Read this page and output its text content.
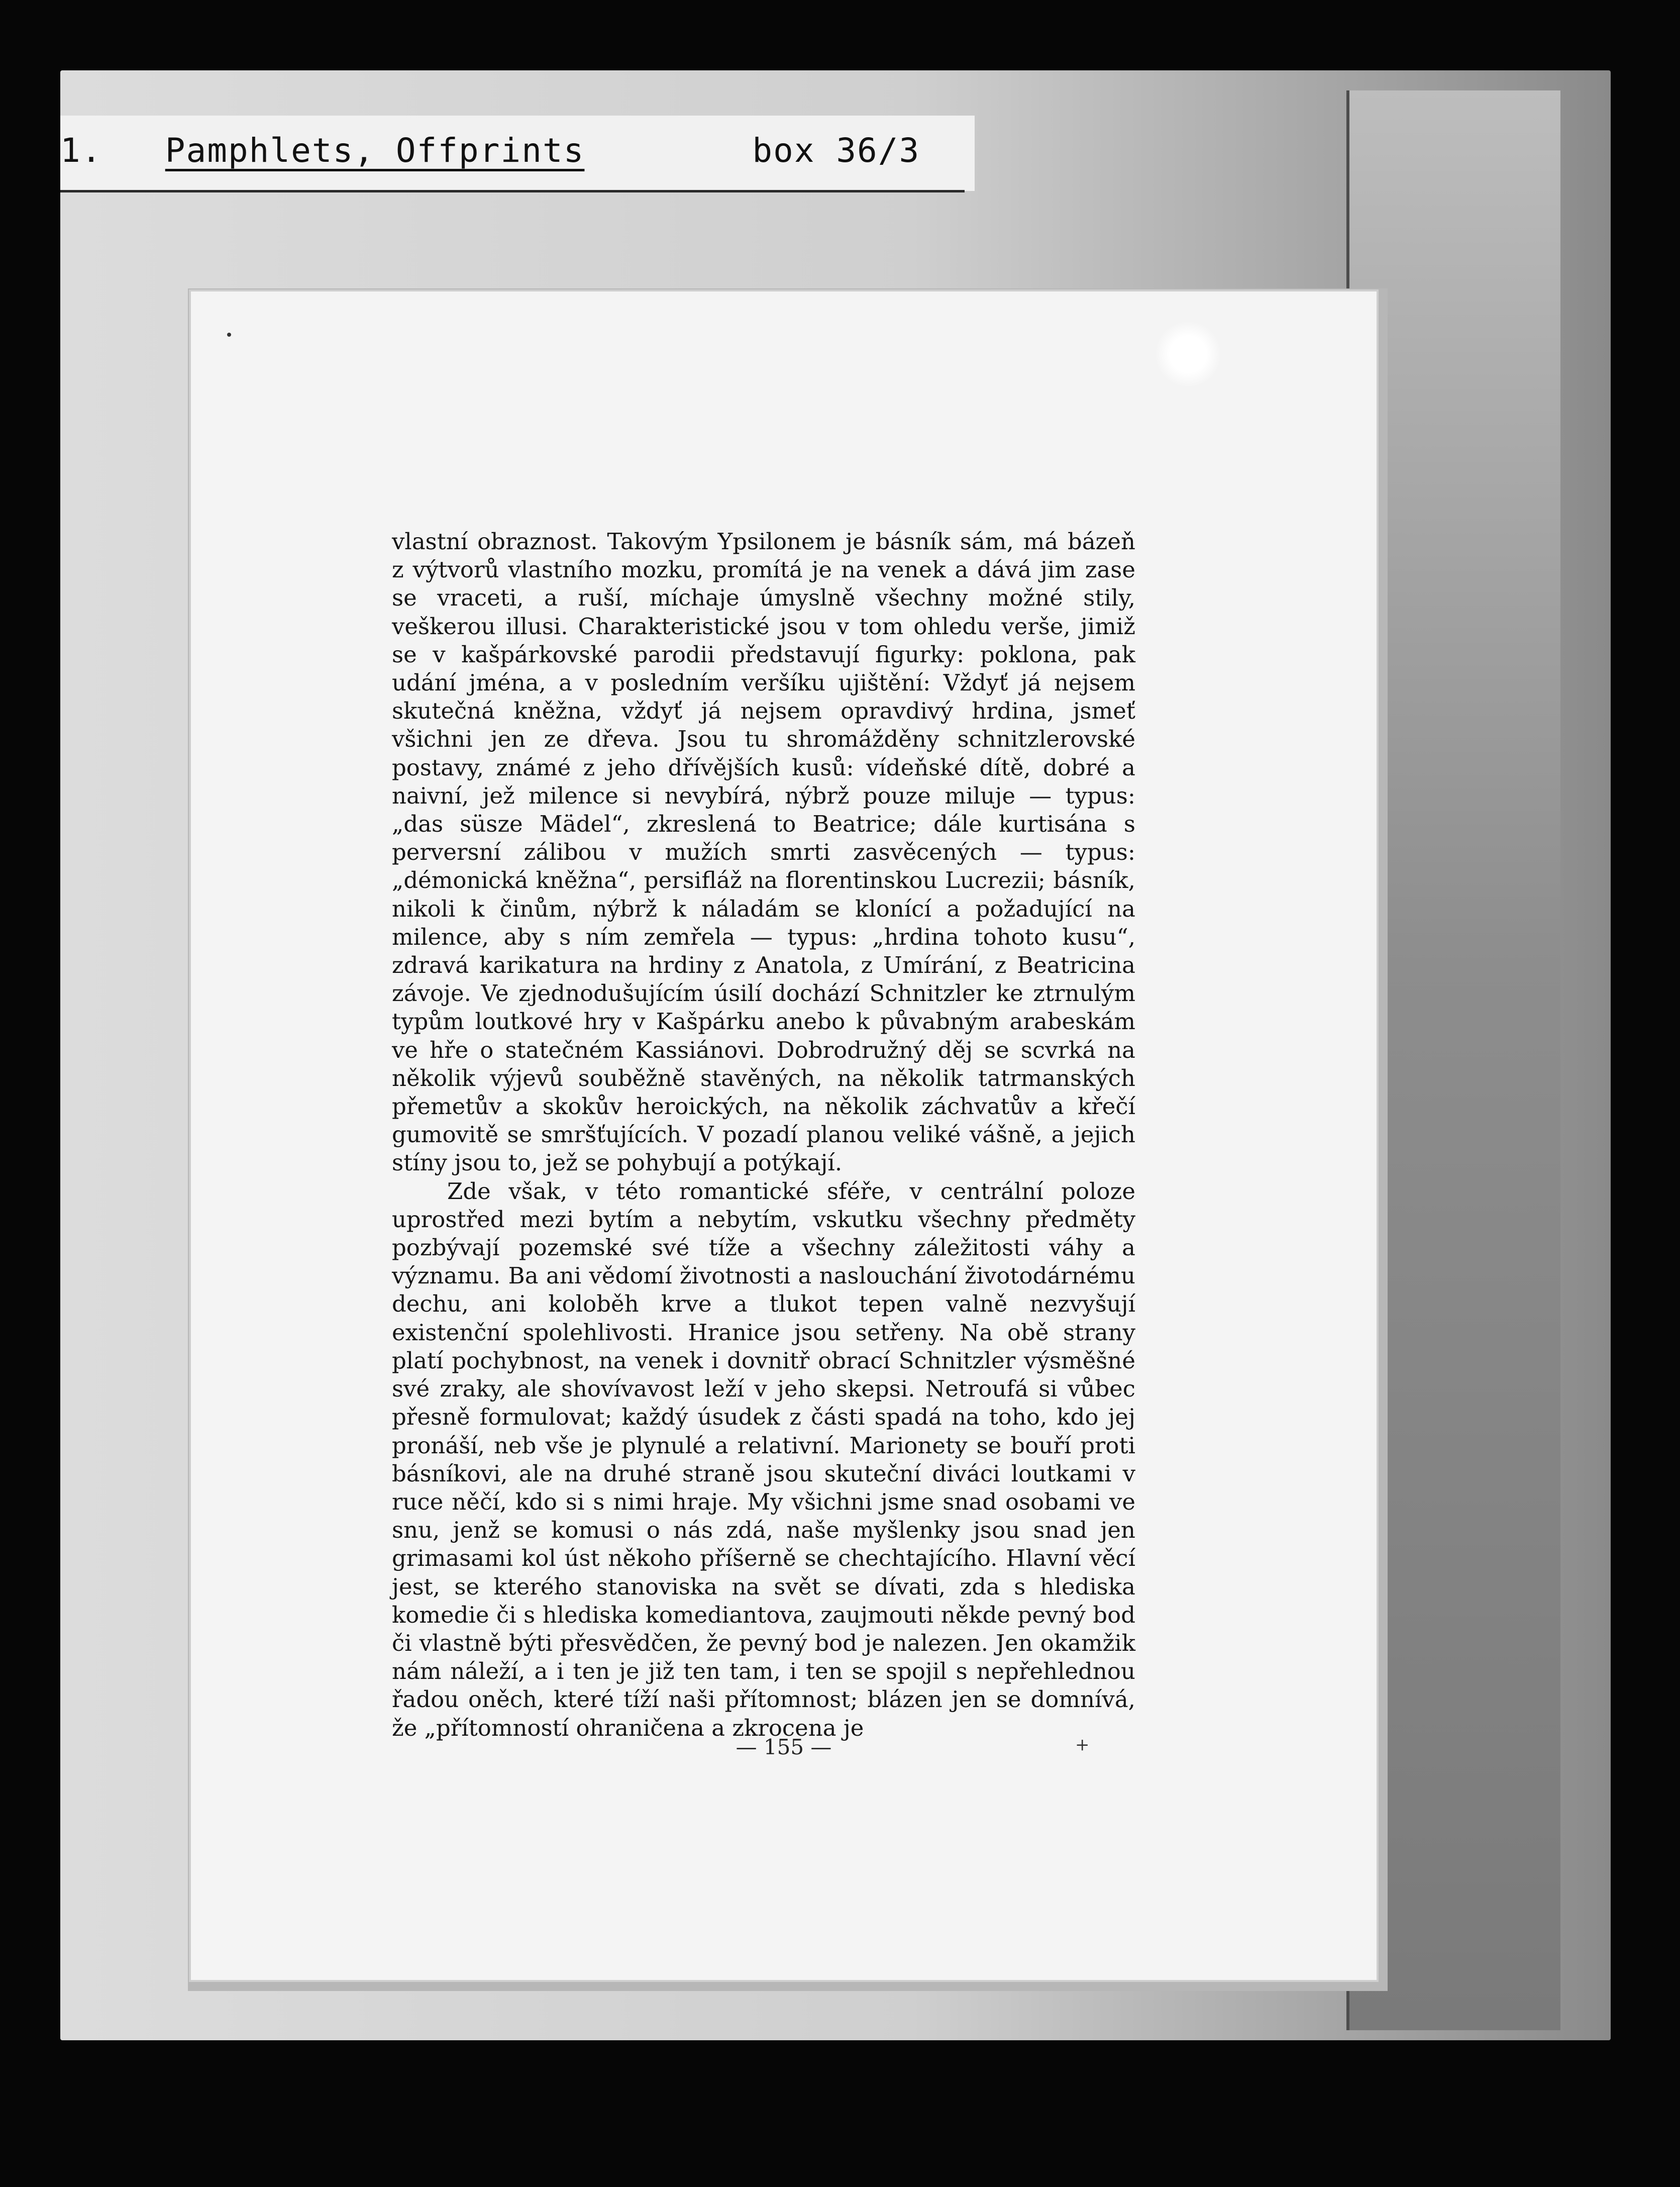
1. Pamphlets, Offprints	box 36/3

vlastní obraznost. Takovým Ypsilonem je básník sám, má bázeň z výtvorů vlastního mozku, promítá je na venek a dává jim zase se vraceti, a ruší, míchaje úmyslně všechny možné stily, veškerou illusi. Charakteristické jsou v tom ohledu verše, jimiž se v kašpárkovské parodii představují figurky: poklona, pak udání jména, a v posledním veršíku ujištění: Vždyť já nejsem skutečná kněžna, vždyť já nejsem opravdivý hrdina, jsmeť všichni jen ze dřeva. Jsou tu shromážděny schnitzlerovské postavy, známé z jeho dřívějších kusů: vídeňské dítě, dobré a naivní, jež milence si nevybírá, nýbrž pouze miluje — typus: „das süsze Mädel“, zkreslená to Beatrice; dále kurtisána s perversní zálibou v mužích smrti zasvěcených — typus: „démonická kněžna“, persifláž na florentinskou Lucrezii; básník, nikoli k činům, nýbrž k náladám se klonící a požadující na milence, aby s ním zemřela — typus: „hrdina tohoto kusu“, zdravá karikatura na hrdiny z Anatola, z Umírání, z Beatricina závoje. Ve zjednodušujícím úsilí dochází Schnitzler ke ztrnulým typům loutkové hry v Kašpárku anebo k půvabným arabeskám ve hře o statečném Kassiánovi. Dobrodružný děj se scvrká na několik výjevů souběžně stavěných, na několik tatrmanských přemetův a skokův heroických, na několik záchvatův a křečí gumovitě se smršťujících. V pozadí planou veliké vášně, a jejich stíny jsou to, jež se pohybují a potýkají.

Zde však, v této romantické sféře, v centrální poloze uprostřed mezi bytím a nebytím, vskutku všechny předměty pozbývají pozemské své tíže a všechny záležitosti váhy a významu. Ba ani vědomí životnosti a naslouchání životodárnému dechu, ani koloběh krve a tlukot tepen valně nezvyšují existenční spolehlivosti. Hranice jsou setřeny. Na obě strany platí pochybnost, na venek i dovnitř obrací Schnitzler výsměšné své zraky, ale shovívavost leží v jeho skepsi. Netroufá si vůbec přesně formulovat; každý úsudek z části spadá na toho, kdo jej pronáší, neb vše je plynulé a relativní. Marionety se bouří proti básníkovi, ale na druhé straně jsou skuteční diváci loutkami v ruce něčí, kdo si s nimi hraje. My všichni jsme snad osobami ve snu, jenž se komusi o nás zdá, naše myšlenky jsou snad jen grimasami kol úst někoho příšerně se chechtajícího. Hlavní věcí jest, se kterého stanoviska na svět se dívati, zda s hlediska komedie či s hlediska komediantova, zaujmouti někde pevný bod či vlastně býti přesvědčen, že pevný bod je nalezen. Jen okamžik nám náleží, a i ten je již ten tam, i ten se spojil s nepřehlednou řadou oněch, které tíží naši přítomnost; blázen jen se domnívá, že „přítomností ohraničena a zkrocena je

— 155 —	+
